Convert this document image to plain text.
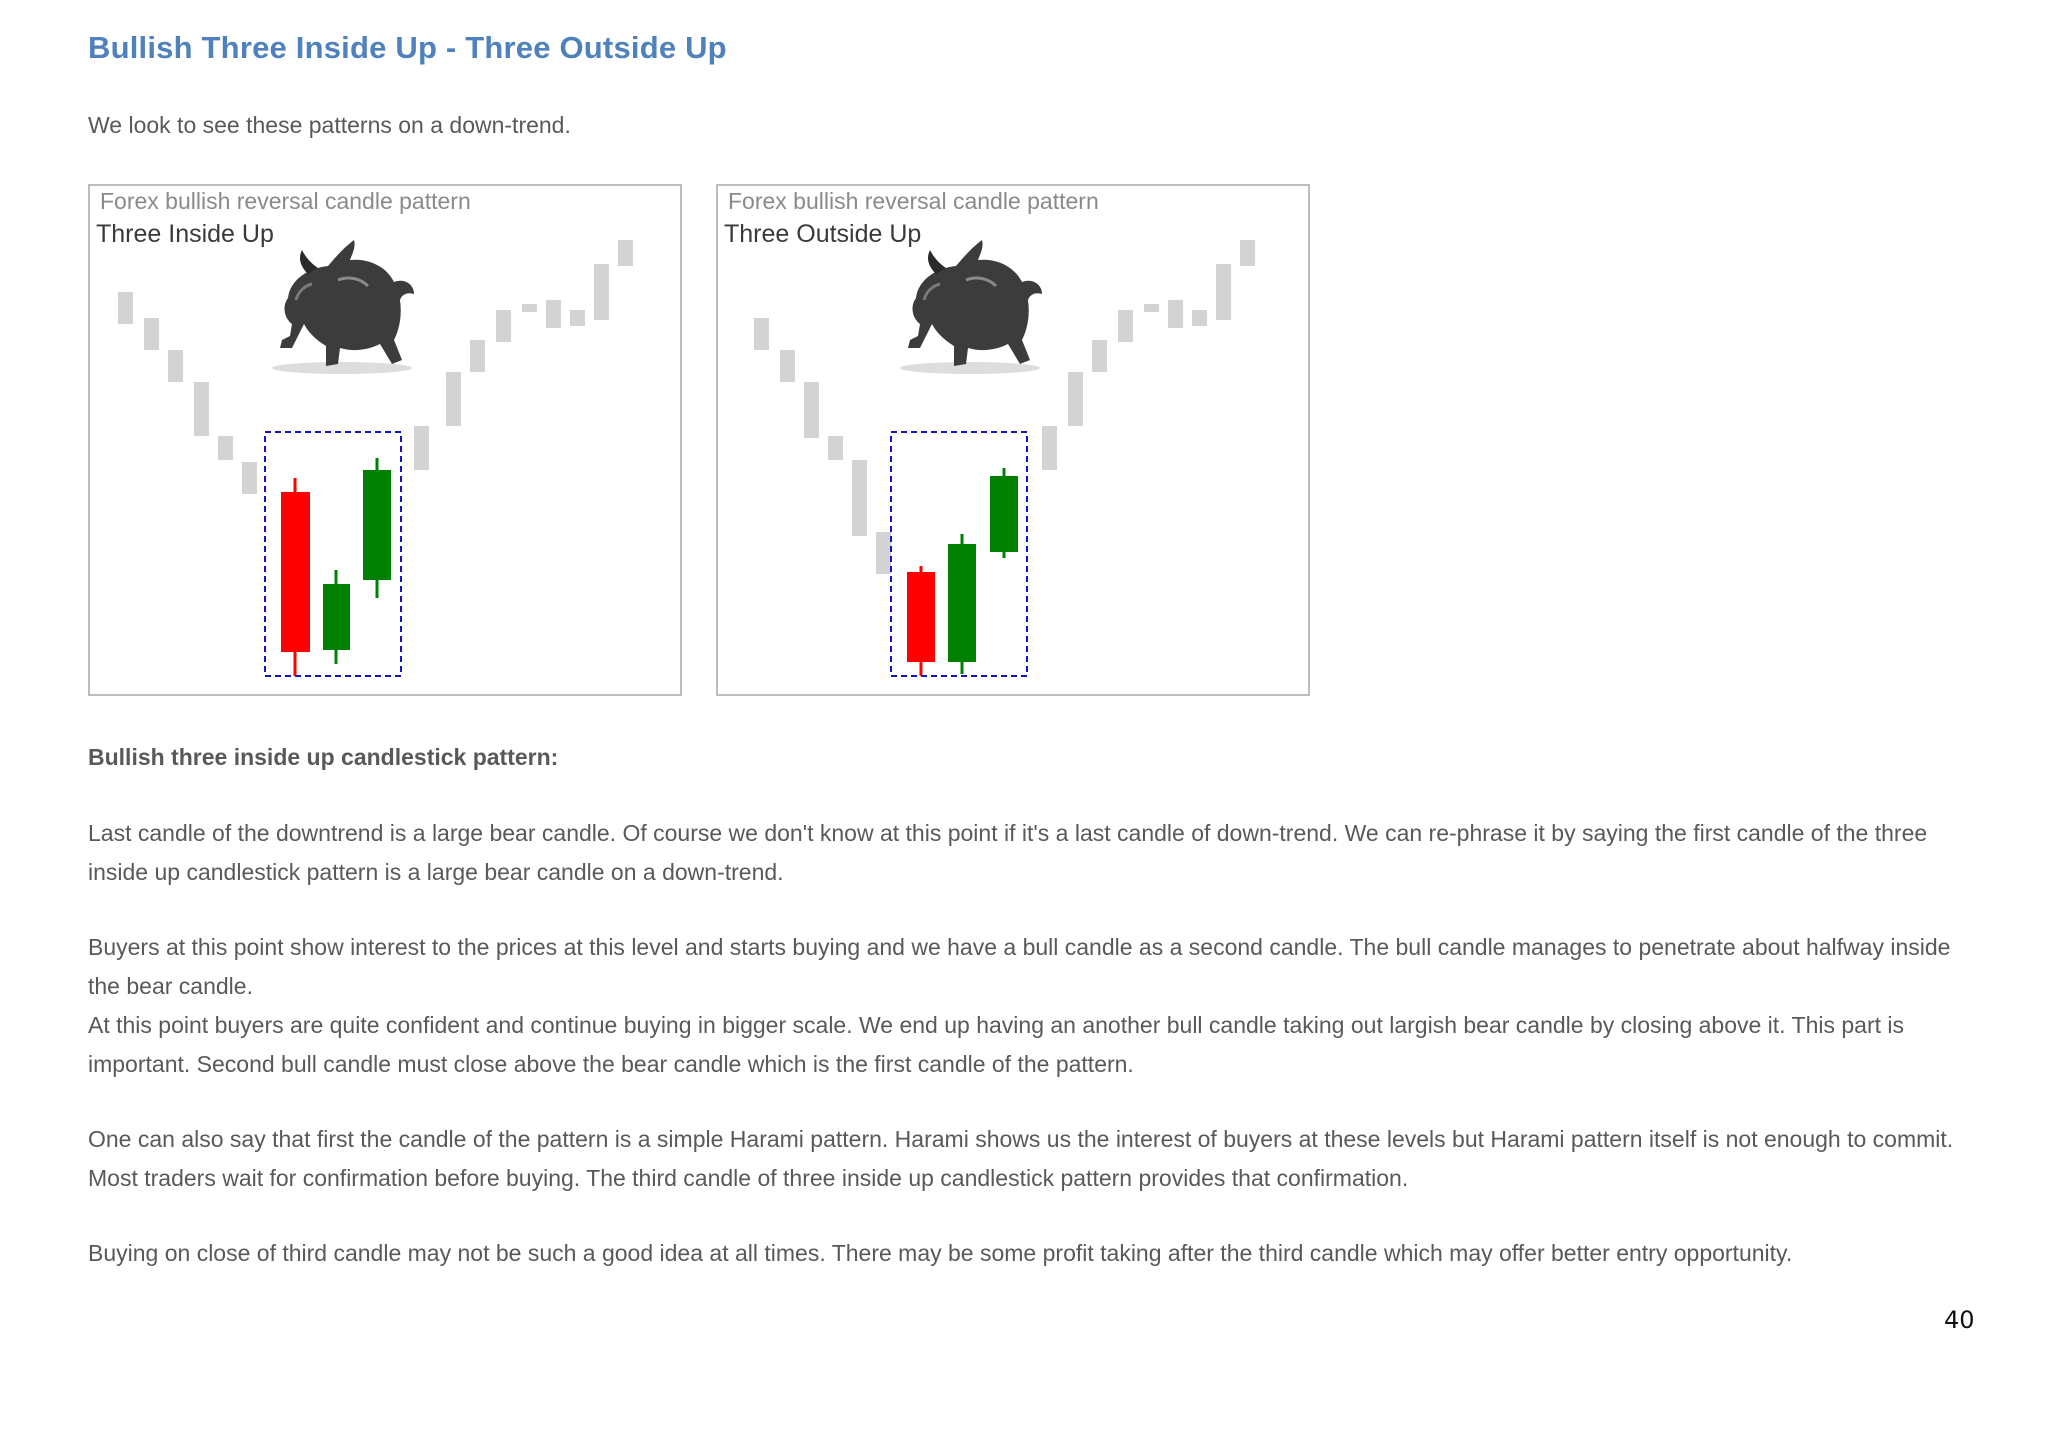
Bullish Three Inside Up - Three Outside Up

We look to see these patterns on a down-trend.

Forex bullish reversal candle pattern
Three Inside Up
Forex bullish reversal candle pattern
Three Outside Up
Bullish three inside up candlestick pattern:

Last candle of the downtrend is a large bear candle. Of course we don't know at this point if it's a last candle of down-trend. We can re-phrase it by saying the first candle of the three inside up candlestick pattern is a large bear candle on a down-trend.

Buyers at this point show interest to the prices at this level and starts buying and we have a bull candle as a second candle. The bull candle manages to penetrate about halfway inside the bear candle.

At this point buyers are quite confident and continue buying in bigger scale. We end up having an another bull candle taking out largish bear candle by closing above it. This part is important. Second bull candle must close above the bear candle which is the first candle of the pattern.

One can also say that first the candle of the pattern is a simple Harami pattern. Harami shows us the interest of buyers at these levels but Harami pattern itself is not enough to commit. Most traders wait for confirmation before buying. The third candle of three inside up candlestick pattern provides that confirmation.

Buying on close of third candle may not be such a good idea at all times. There may be some profit taking after the third candle which may offer better entry opportunity.

40
